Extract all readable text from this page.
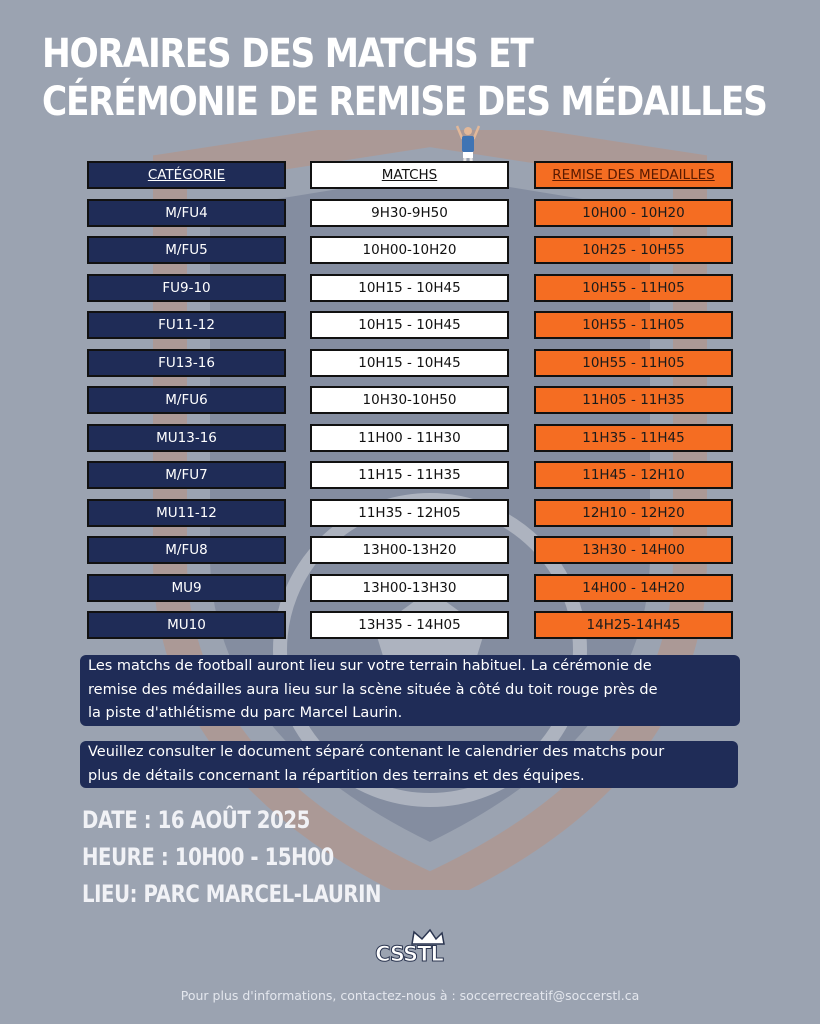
HORAIRES DES MATCHS ET
CÉRÉMONIE DE REMISE DES MÉDAILLES
CATÉGORIE	MATCHS	REMISE DES MEDAILLES
M/FU4	9H30-9H50	10H00 - 10H20
M/FU5	10H00-10H20	10H25 - 10H55
FU9-10	10H15 - 10H45	10H55 - 11H05
FU11-12	10H15 - 10H45	10H55 - 11H05
FU13-16	10H15 - 10H45	10H55 - 11H05
M/FU6	10H30-10H50	11H05 - 11H35
MU13-16	11H00 - 11H30	11H35 - 11H45
M/FU7	11H15 - 11H35	11H45 - 12H10
MU11-12	11H35 - 12H05	12H10 - 12H20
M/FU8	13H00-13H20	13H30 - 14H00
MU9	13H00-13H30	14H00 - 14H20
MU10	13H35 - 14H05	14H25-14H45
Les matchs de football auront lieu sur votre terrain habituel. La cérémonie de
remise des médailles aura lieu sur la scène située à côté du toit rouge près de
la piste d'athlétisme du parc Marcel Laurin.
Veuillez consulter le document séparé contenant le calendrier des matchs pour
plus de détails concernant la répartition des terrains et des équipes.
DATE : 16 AOÛT 2025
HEURE : 10H00 - 15H00
LIEU: PARC MARCEL-LAURIN
CSSTL
Pour plus d'informations, contactez-nous à : soccerrecreatif@soccerstl.ca
